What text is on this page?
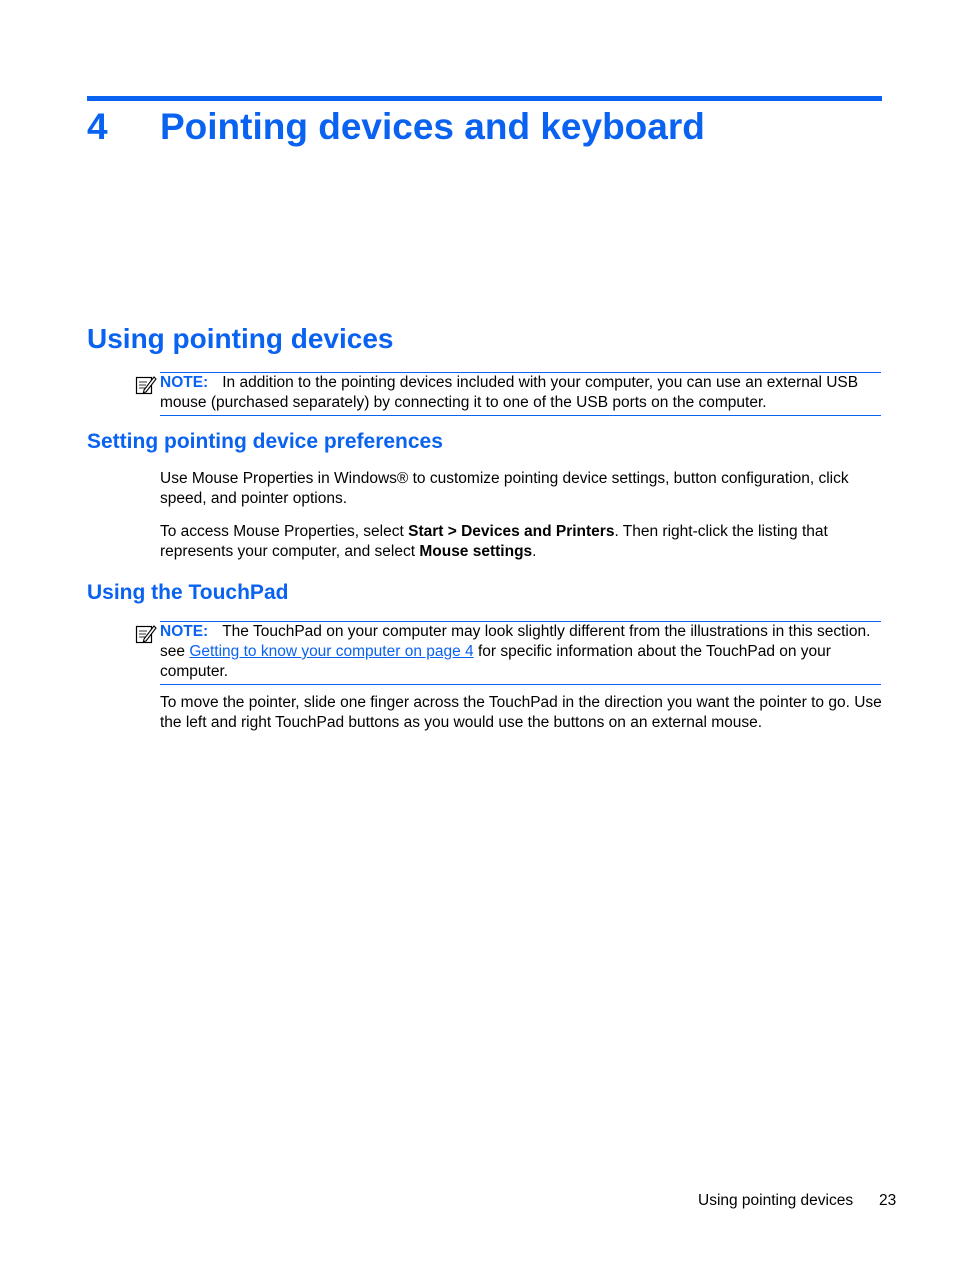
4 Pointing devices and keyboard
Using pointing devices
NOTE: In addition to the pointing devices included with your computer, you can use an external USB mouse (purchased separately) by connecting it to one of the USB ports on the computer.
Setting pointing device preferences
Use Mouse Properties in Windows® to customize pointing device settings, button configuration, click speed, and pointer options.
To access Mouse Properties, select Start > Devices and Printers. Then right-click the listing that represents your computer, and select Mouse settings.
Using the TouchPad
NOTE: The TouchPad on your computer may look slightly different from the illustrations in this section. see Getting to know your computer on page 4 for specific information about the TouchPad on your computer.
To move the pointer, slide one finger across the TouchPad in the direction you want the pointer to go. Use the left and right TouchPad buttons as you would use the buttons on an external mouse.
Using pointing devices 23
